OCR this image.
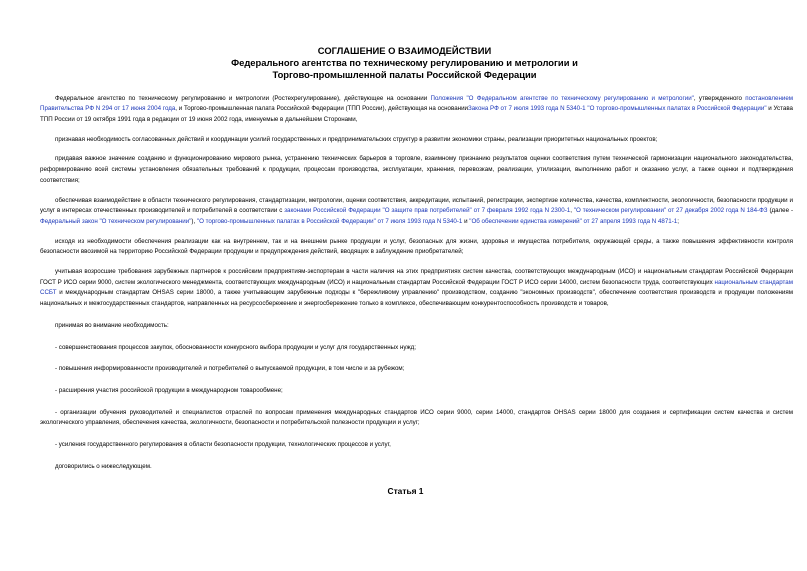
СОГЛАШЕНИЕ О ВЗАИМОДЕЙСТВИИ
Федерального агентства по техническому регулированию и метрологии и
Торгово-промышленной палаты Российской Федерации

Федеральное агентство по техническому регулированию и метрологии (Ростехрегулирование), действующее на основании Положения "О Федеральном агентстве по техническому регулированию и метрологии", утвержденного постановлением Правительства РФ N 294 от 17 июня 2004 года, и Торгово-промышленная палата Российской Федерации (ТПП России), действующая на основанииЗакона РФ от 7 июля 1993 года N 5340-1 "О торгово-промышленных палатах в Российской Федерации" и Устава ТПП России от 19 октября 1991 года в редакции от 19 июня 2002 года, именуемые в дальнейшем Сторонами,

признавая необходимость согласованных действий и координации усилий государственных и предпринимательских структур в развитии экономики страны, реализации приоритетных национальных проектов;

придавая важное значение созданию и функционированию мирового рынка, устранению технических барьеров в торговле, взаимному признанию результатов оценки соответствия путем технической гармонизации национального законодательства, реформированию всей системы установления обязательных требований к продукции, процессам производства, эксплуатации, хранения, перевозкам, реализации, утилизации, выполнению работ и оказанию услуг, а также оценки и подтверждения соответствия;

обеспечивая взаимодействие в области технического регулирования, стандартизации, метрологии, оценки соответствия, аккредитации, испытаний, регистрации, экспертизе количества, качества, комплектности, экологичности, безопасности продукции и услуг в интересах отечественных производителей и потребителей в соответствии с законами Российской Федерации "О защите прав потребителей" от 7 февраля 1992 года N 2300-1, "О техническом регулировании" от 27 декабря 2002 года N 184-ФЗ (далее - Федеральный закон "О техническом регулировании"), "О торгово-промышленных палатах в Российской Федерации" от 7 июля 1993 года N 5340-1 и "Об обеспечении единства измерений" от 27 апреля 1993 года N 4871-1;

исходя из необходимости обеспечения реализации как на внутреннем, так и на внешнем рынке продукции и услуг, безопасных для жизни, здоровья и имущества потребителя, окружающей среды, а также повышения эффективности контроля безопасности ввозимой на территорию Российской Федерации продукции и предупреждения действий, вводящих в заблуждение приобретателей;

учитывая возросшие требования зарубежных партнеров к российским предприятиям-экспортерам в части наличия на этих предприятиях систем качества, соответствующих международным (ИСО) и национальным стандартам Российской Федерации ГОСТ Р ИСО серии 9000, систем экологического менеджмента, соответствующих международным (ИСО) и национальным стандартам Российской Федерации ГОСТ Р ИСО серии 14000, систем безопасности труда, соответствующих национальным стандартам ССБТ и международным стандартам OHSAS серии 18000, а также учитывающим зарубежные подходы к "бережливому управлению" производством, созданию "экономных производств", обеспечение соответствия производств и продукции положениям национальных и межгосударственных стандартов, направленных на ресурсосбережение и энергосбережение только в комплексе, обеспечивающим конкурентоспособность производств и товаров,

принимая во внимание необходимость:

- совершенствования процессов закупок, обоснованности конкурсного выбора продукции и услуг для государственных нужд;

- повышения информированности производителей и потребителей о выпускаемой продукции, в том числе и за рубежом;

- расширения участия российской продукции в международном товарообмене;

- организации обучения руководителей и специалистов отраслей по вопросам применения международных стандартов ИСО серии 9000, серии 14000, стандартов OHSAS серии 18000 для создания и сертификации систем качества и систем экологического управления, обеспечения качества, экологичности, безопасности и потребительской полезности продукции и услуг;

- усиления государственного регулирования в области безопасности продукции, технологических процессов и услуг,

договорились о нижеследующем.

Статья 1
